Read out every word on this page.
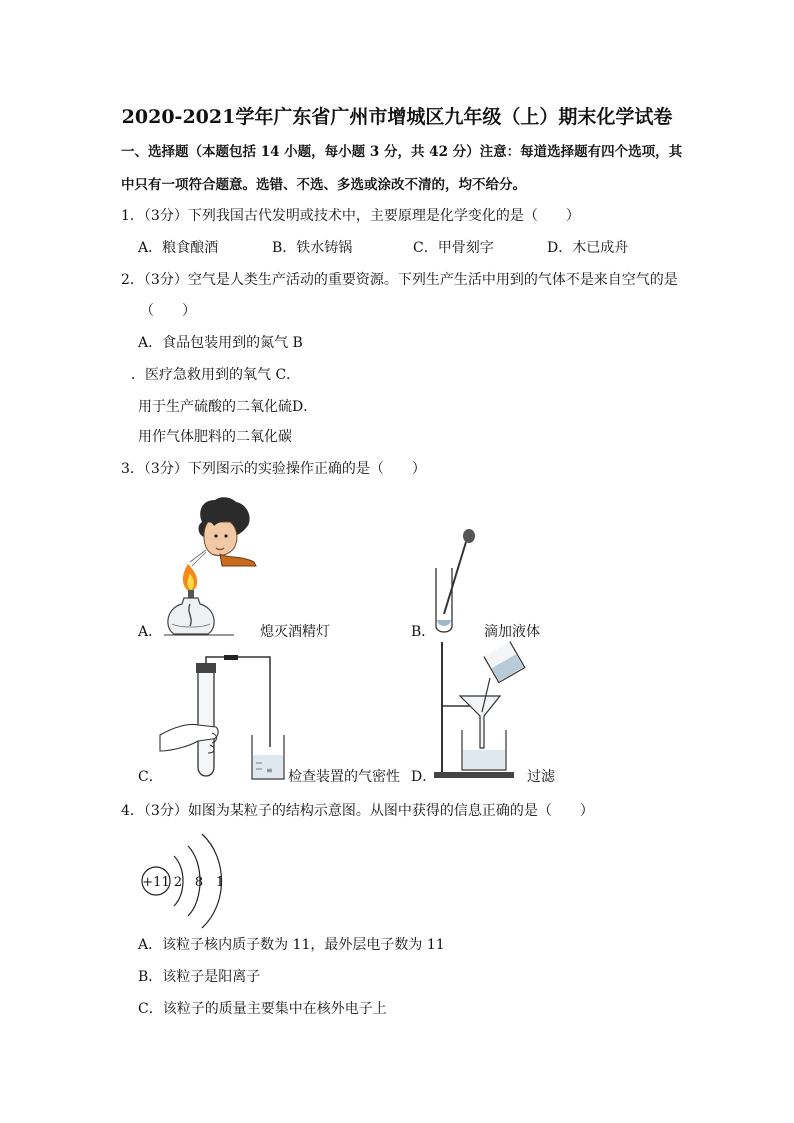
2020-2021学年广东省广州市增城区九年级（上）期末化学试卷
一、选择题（本题包括 14 小题，每小题 3 分，共 42 分）注意：每道选择题有四个选项，其
中只有一项符合题意。选错、不选、多选或涂改不清的，均不给分。
1．（3分）下列我国古代发明或技术中，主要原理是化学变化的是（　　）
A．粮食酿酒	B．铁水铸锅	C．甲骨刻字	D．木已成舟
2．（3分）空气是人类生产活动的重要资源。下列生产生活中用到的气体不是来自空气的是
（　　）
A．食品包装用到的氮气 B
．医疗急救用到的氧气 C．
用于生产硫酸的二氧化硫D．
用作气体肥料的二氧化碳
3．（3分）下列图示的实验操作正确的是（　　）
A．	熄灭酒精灯	B．	滴加液体
≡
C．	检查装置的气密性 D．	过滤
4．（3分）如图为某粒子的结构示意图。从图中获得的信息正确的是（　　）
+11 2 8 1
A．该粒子核内质子数为 11，最外层电子数为 11
B．该粒子是阳离子
C．该粒子的质量主要集中在核外电子上
